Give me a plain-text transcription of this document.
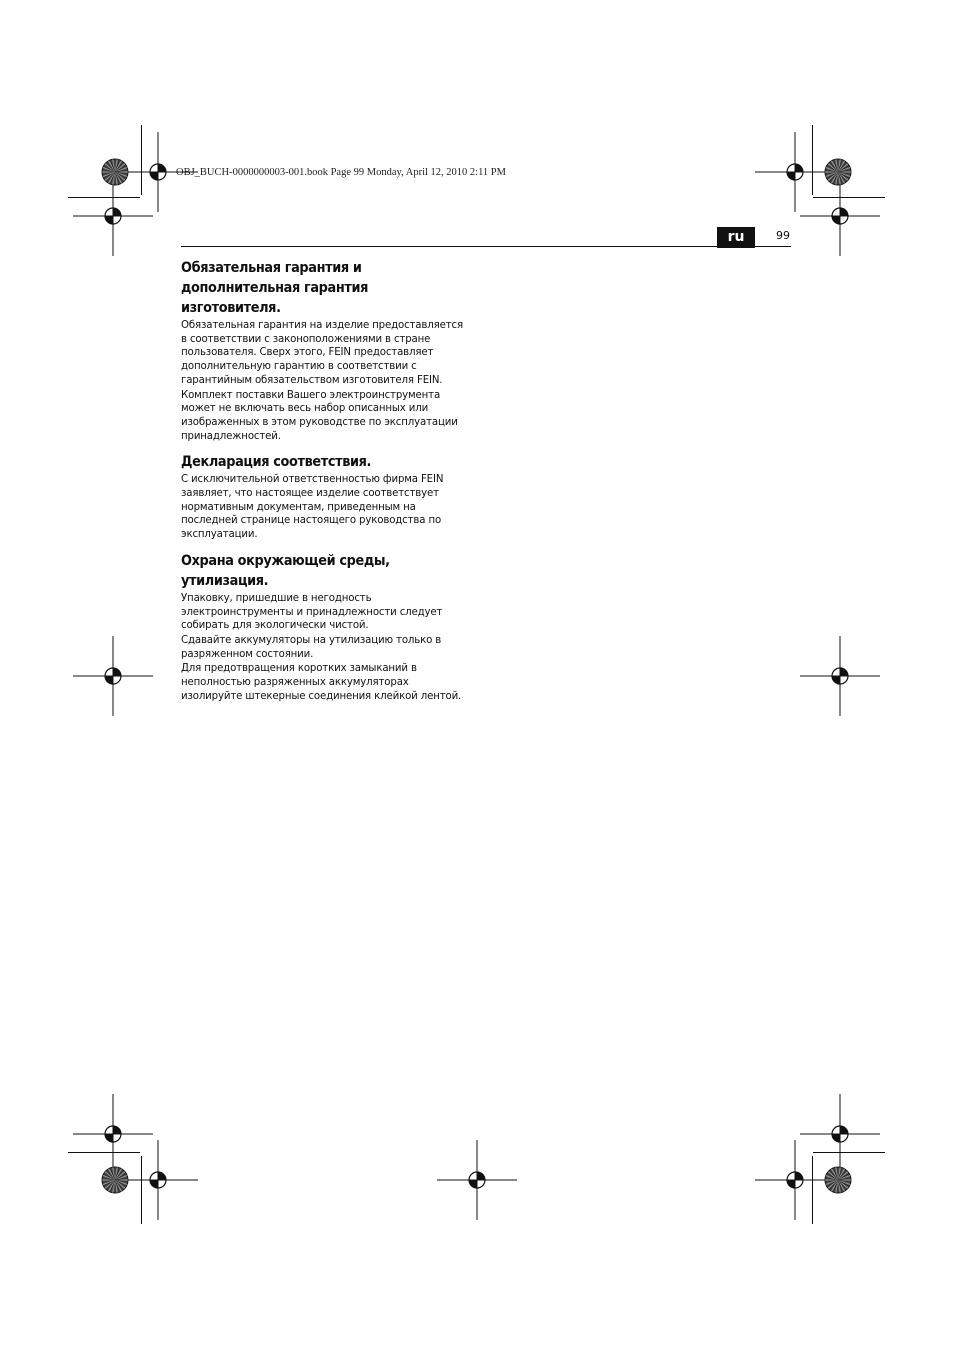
OBJ_BUCH-0000000003-001.book Page 99 Monday, April 12, 2010 2:11 PM
ru	99
Обязательная гарантия и
дополнительная гарантия
изготовителя.

Обязательная гарантия на изделие предоставляется
в соответствии с законоположениями в стране
пользователя. Сверх этого, FEIN предоставляет
дополнительную гарантию в соответствии с
гарантийным обязательством изготовителя FEIN.

Комплект поставки Вашего электроинструмента
может не включать весь набор описанных или
изображенных в этом руководстве по эксплуатации
принадлежностей.

Декларация соответствия.

С исключительной ответственностью фирма FEIN
заявляет, что настоящее изделие соответствует
нормативным документам, приведенным на
последней странице настоящего руководства по
эксплуатации.

Охрана окружающей среды,
утилизация.

Упаковку, пришедшие в негодность
электроинструменты и принадлежности следует
собирать для экологически чистой.

Сдавайте аккумуляторы на утилизацию только в
разряженном состоянии.

Для предотвращения коротких замыканий в
неполностью разряженных аккумуляторах
изолируйте штекерные соединения клейкой лентой.
